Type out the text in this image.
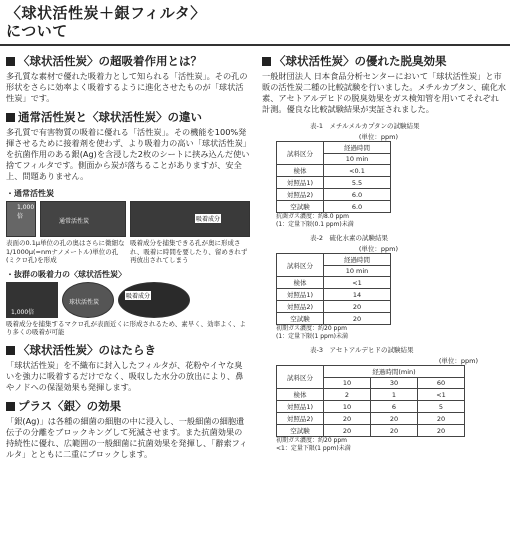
〈球状活性炭＋銀フィルタ〉
について
〈球状活性炭〉の超吸着作用とは？

多孔質な素材で優れた吸着力として知られる「活性炭」。その孔の形状をさらに効率よく吸着するように進化させたものが「球状活性炭」です。

通常活性炭と〈球状活性炭〉の違い

多孔質で有害物質の吸着に優れる「活性炭」。その機能を100%発揮させるために接着剤を使わず、より吸着力の高い「球状活性炭」を抗菌作用のある銀(Ag)を含浸した2枚のシートに挟み込んだ使い捨てフィルタです。側面から炭が落ちることがありますが、安全上、問題ありません。

・通常活性炭
1,000倍
通常活性炭	吸着成分
表面の0.1μ単位の孔の奥はさらに微細な1/1000μ(=nmナノメートル)単位の孔(ミクロ孔)を形成
吸着成分を捕集できる孔が奥に形成され、吸着に時間を要したり、留めきれず再放出されてしまう
・抜群の吸着力の〈球状活性炭〉
1,000倍
球状活性炭
吸着成分
吸着成分を捕集するマクロ孔が表面近くに形成されるため、素早く、効率よく、より多くの吸着が可能
〈球状活性炭〉のはたらき

「球状活性炭」を不織布に封入したフィルタが、花粉やイヤな臭いを強力に吸着するだけでなく、吸収した水分の放出により、鼻やノドへの保湿効果も発揮します。

プラス〈銀〉の効果

「銀(Ag)」は各種の細菌の細胞の中に浸入し、一般細菌の細胞遺伝子の分離をブロックキングして死滅させます。また抗菌効果の持続性に優れ、広範囲の一般細菌に抗菌効果を発揮し、「辭索フィルタ」とともに二重にブロックします。

〈球状活性炭〉の優れた脱臭効果

一般財団法人 日本食品分析センターにおいて「球状活性炭」と市販の活性炭二種の比較試験を行いました。メチルカプタン、硫化水素、アセトアルデヒドの脱臭効果をガス検知管を用いてそれぞれ計測。優良な比較試験結果が実証されました。

表-1　メチルメルカプタンの試験結果
(単位：ppm)
試料区分	経過時間
	10 min
検体	<0.1
対照品1)	5.5
対照品2)	6.0
空試験	6.0
抗菌ガス濃度：約8.0 ppm
(1：定量下限(0.1 ppm)未満
表-2　硫化水素の試験結果
(単位：ppm)
試料区分	経過時間
	10 min
検体	<1
対照品1)	14
対照品2)	20
空試験	20
初期ガス濃度：約20 ppm
(1：定量下限(1 ppm)未満
表-3　アセトアルデヒドの試験結果
(単位：ppm)
試料区分	経過時間(min)		
	10	30	60
検体	2	1	<1
対照品1)	10	6	5
対照品2)	20	20	20
空試験	20	20	20
初期ガス濃度：約20 ppm
<1：定量下限(1 ppm)未満
